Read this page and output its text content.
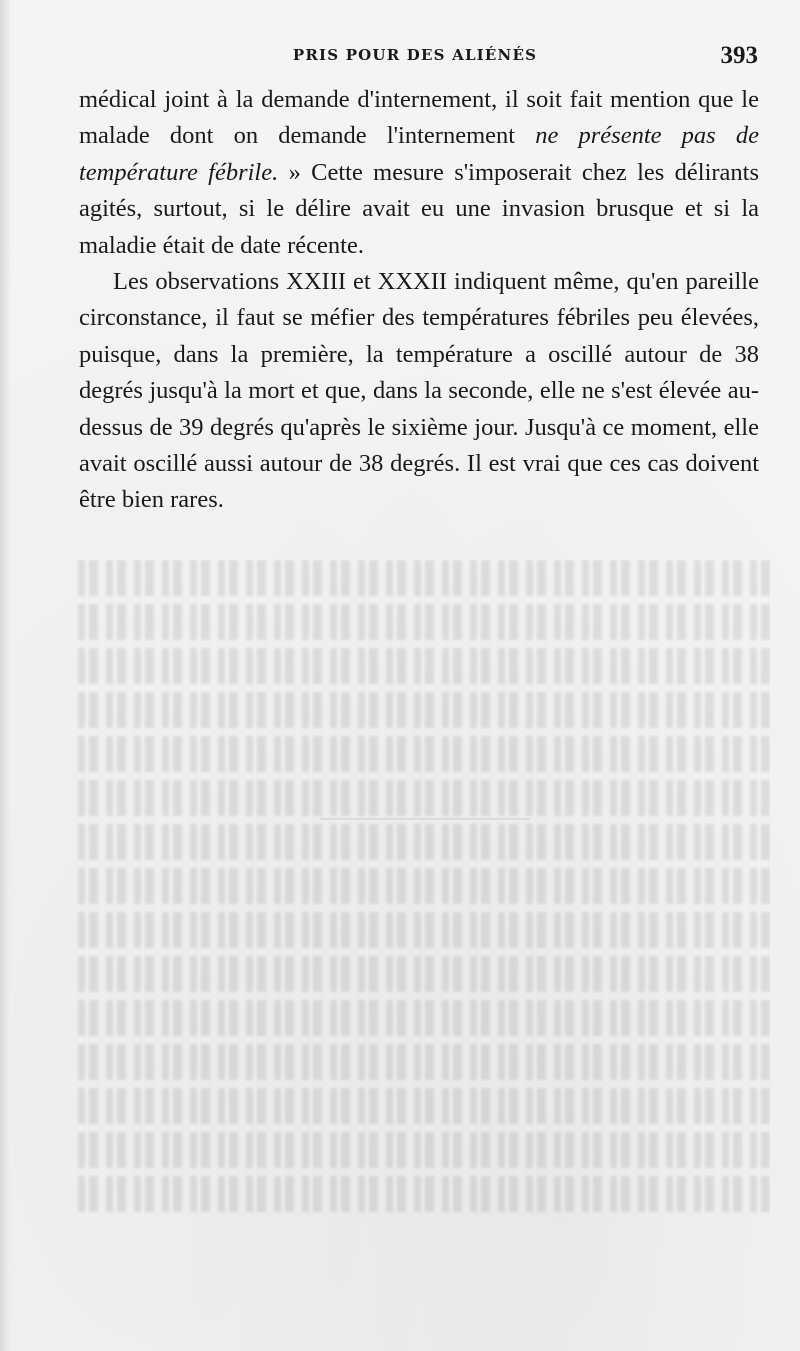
PRIS POUR DES ALIÉNÉS	393

médical joint à la demande d'internement, il soit fait mention que le malade dont on demande l'internement ne présente pas de température fébrile. » Cette mesure s'imposerait chez les délirants agités, surtout, si le délire avait eu une invasion brusque et si la maladie était de date récente.

Les observations XXIII et XXXII indiquent même, qu'en pareille circonstance, il faut se méfier des températures fébriles peu élevées, puisque, dans la première, la température a oscillé autour de 38 degrés jusqu'à la mort et que, dans la seconde, elle ne s'est élevée au-dessus de 39 degrés qu'après le sixième jour. Jusqu'à ce moment, elle avait oscillé aussi autour de 38 degrés. Il est vrai que ces cas doivent être bien rares.
